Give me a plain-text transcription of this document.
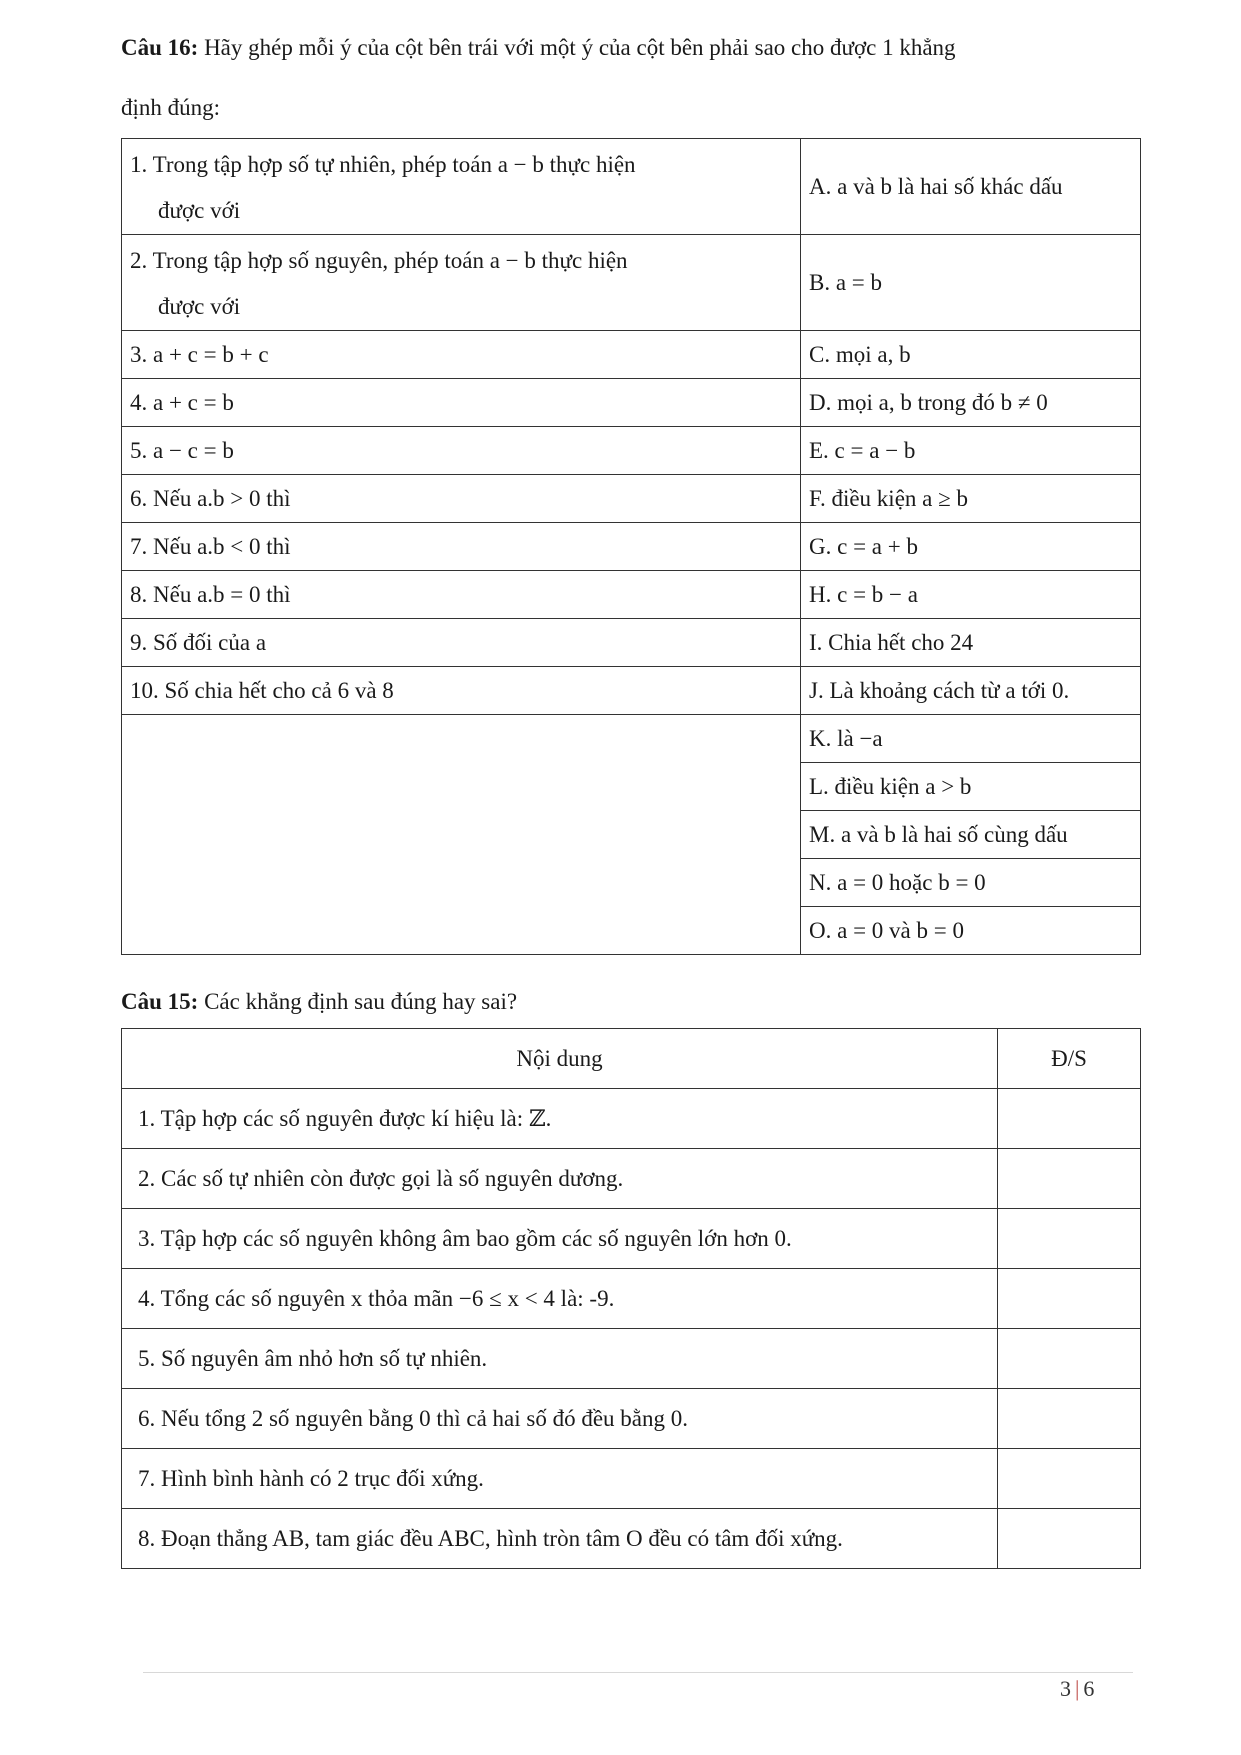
Câu 16: Hãy ghép mỗi ý của cột bên trái với một ý của cột bên phải sao cho được 1 khẳng
định đúng:
1. Trong tập hợp số tự nhiên, phép toán a − b thực hiện
được với	A. a và b là hai số khác dấu

2. Trong tập hợp số nguyên, phép toán a − b thực hiện
được với	B. a = b
3. a + c = b + c	C. mọi a, b
4. a + c = b	D. mọi a, b trong đó b ≠ 0
5. a − c = b	E. c = a − b
6. Nếu a.b > 0 thì	F. điều kiện a ≥ b
7. Nếu a.b < 0 thì	G. c = a + b
8. Nếu a.b = 0 thì	H. c = b − a
9. Số đối của a	I. Chia hết cho 24
10. Số chia hết cho cả 6 và 8	J. Là khoảng cách từ a tới 0.
	K. là −a
	L. điều kiện a > b
	M. a và b là hai số cùng dấu
	N. a = 0 hoặc b = 0
	O. a = 0 và b = 0
Câu 15: Các khẳng định sau đúng hay sai?
Nội dung	Đ/S
1. Tập hợp các số nguyên được kí hiệu là: ℤ.	
2. Các số tự nhiên còn được gọi là số nguyên dương.	
3. Tập hợp các số nguyên không âm bao gồm các số nguyên lớn hơn 0.	
4. Tổng các số nguyên x thỏa mãn −6 ≤ x < 4 là: -9.	
5. Số nguyên âm nhỏ hơn số tự nhiên.	
6. Nếu tổng 2 số nguyên bằng 0 thì cả hai số đó đều bằng 0.	
7. Hình bình hành có 2 trục đối xứng.	
8. Đoạn thẳng AB, tam giác đều ABC, hình tròn tâm O đều có tâm đối xứng.	
3 | 6
